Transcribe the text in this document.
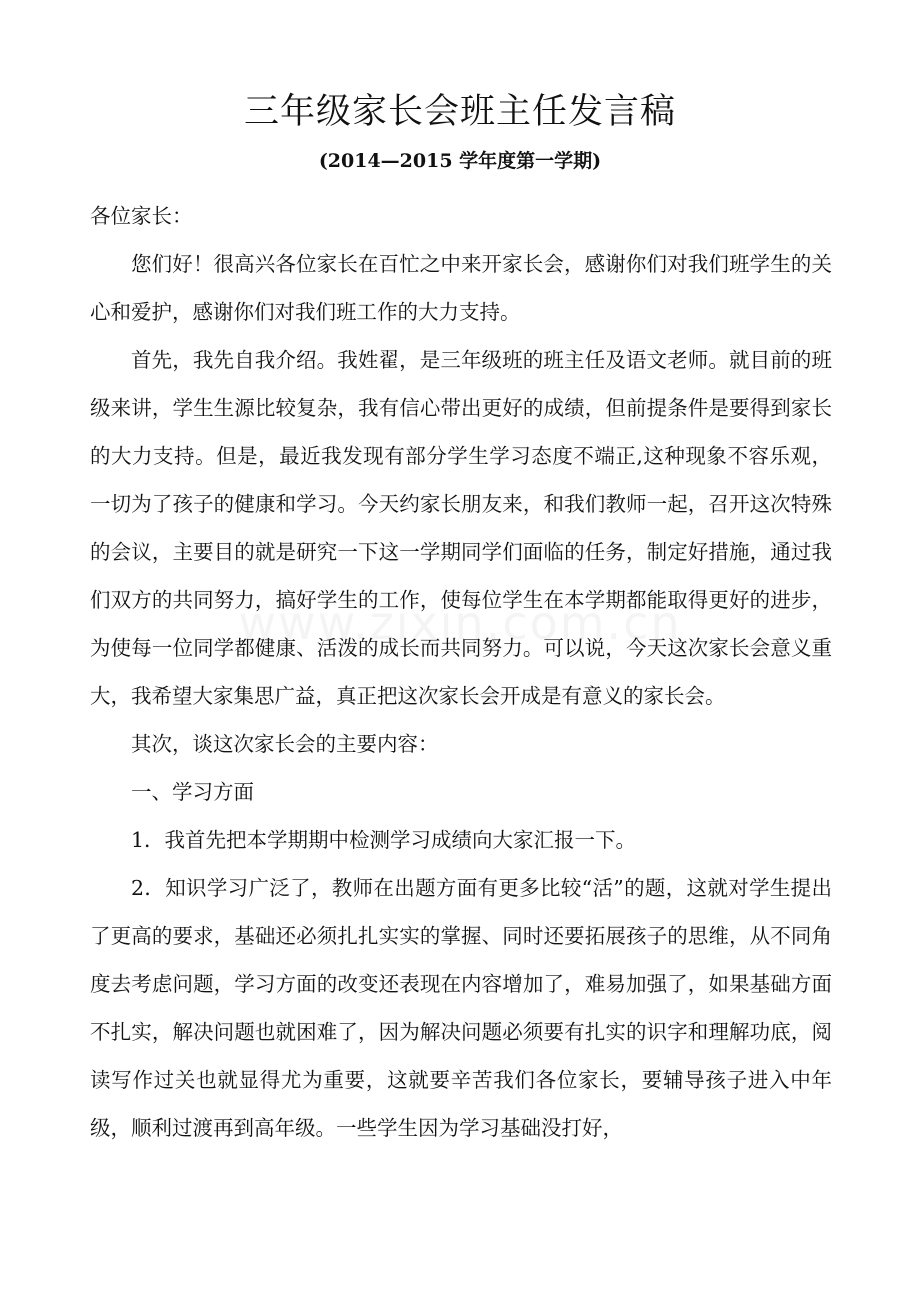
三年级家长会班主任发言稿
(2014—2015 学年度第一学期)

各位家长：

您们好！很高兴各位家长在百忙之中来开家长会，感谢你们对我们班学生的关心和爱护，感谢你们对我们班工作的大力支持。

首先，我先自我介绍。我姓翟，是三年级班的班主任及语文老师。就目前的班级来讲，学生生源比较复杂，我有信心带出更好的成绩，但前提条件是要得到家长的大力支持。但是，最近我发现有部分学生学习态度不端正,这种现象不容乐观，一切为了孩子的健康和学习。今天约家长朋友来，和我们教师一起，召开这次特殊的会议，主要目的就是研究一下这一学期同学们面临的任务，制定好措施，通过我们双方的共同努力，搞好学生的工作，使每位学生在本学期都能取得更好的进步，为使每一位同学都健康、活泼的成长而共同努力。可以说，今天这次家长会意义重大，我希望大家集思广益，真正把这次家长会开成是有意义的家长会。

其次，谈这次家长会的主要内容：

一、学习方面

1．我首先把本学期期中检测学习成绩向大家汇报一下。

2．知识学习广泛了，教师在出题方面有更多比较“活”的题，这就对学生提出了更高的要求，基础还必须扎扎实实的掌握、同时还要拓展孩子的思维，从不同角度去考虑问题，学习方面的改变还表现在内容增加了，难易加强了，如果基础方面不扎实，解决问题也就困难了，因为解决问题必须要有扎实的识字和理解功底，阅读写作过关也就显得尤为重要，这就要辛苦我们各位家长，要辅导孩子进入中年级，顺利过渡再到高年级。一些学生因为学习基础没打好，
